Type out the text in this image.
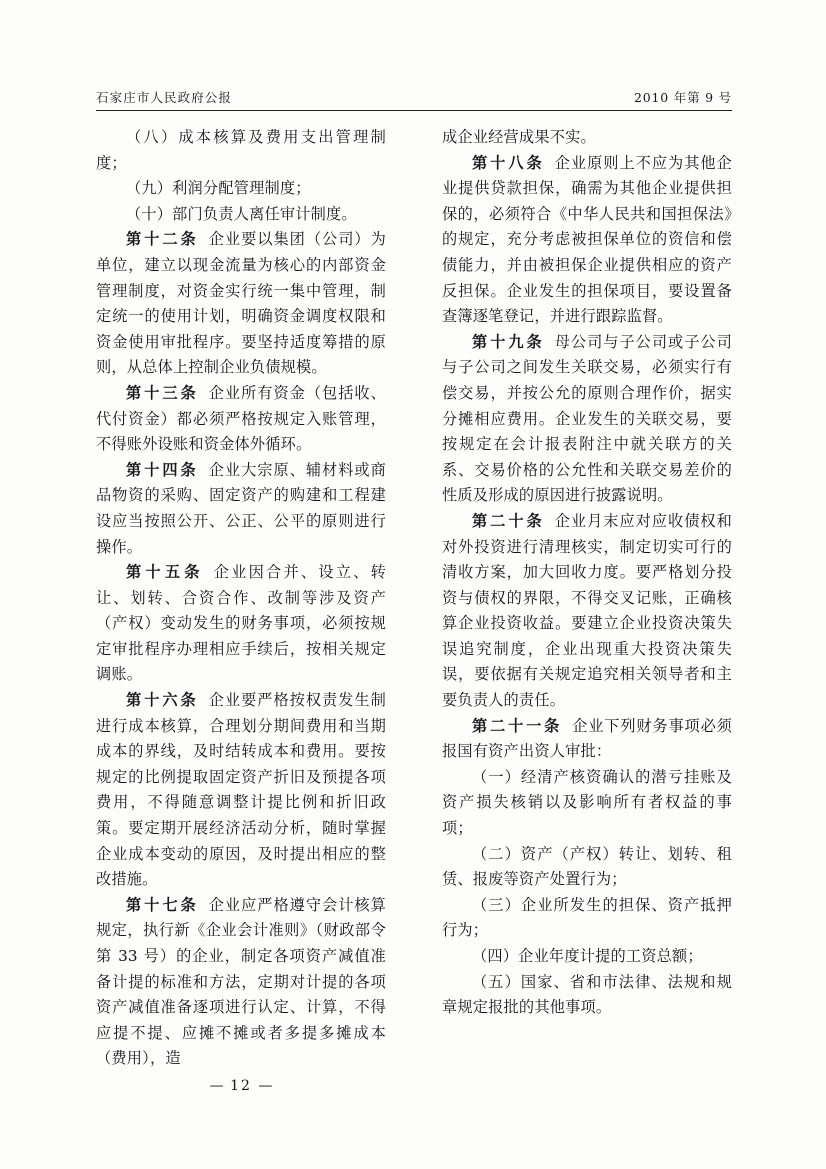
石家庄市人民政府公报	2010 年第 9 号

（八）成本核算及费用支出管理制度；

（九）利润分配管理制度；

（十）部门负责人离任审计制度。

第十二条 企业要以集团（公司）为单位，建立以现金流量为核心的内部资金管理制度，对资金实行统一集中管理，制定统一的使用计划，明确资金调度权限和资金使用审批程序。要坚持适度筹措的原则，从总体上控制企业负债规模。

第十三条 企业所有资金（包括收、代付资金）都必须严格按规定入账管理，不得账外设账和资金体外循环。

第十四条 企业大宗原、辅材料或商品物资的采购、固定资产的购建和工程建设应当按照公开、公正、公平的原则进行操作。

第十五条 企业因合并、设立、转让、划转、合资合作、改制等涉及资产（产权）变动发生的财务事项，必须按规定审批程序办理相应手续后，按相关规定调账。

第十六条 企业要严格按权责发生制进行成本核算，合理划分期间费用和当期成本的界线，及时结转成本和费用。要按规定的比例提取固定资产折旧及预提各项费用，不得随意调整计提比例和折旧政策。要定期开展经济活动分析，随时掌握企业成本变动的原因，及时提出相应的整改措施。

第十七条 企业应严格遵守会计核算规定，执行新《企业会计准则》（财政部令第 33 号）的企业，制定各项资产减值准备计提的标准和方法，定期对计提的各项资产减值准备逐项进行认定、计算，不得应提不提、应摊不摊或者多提多摊成本（费用），造

成企业经营成果不实。

第十八条 企业原则上不应为其他企业提供贷款担保，确需为其他企业提供担保的，必须符合《中华人民共和国担保法》的规定，充分考虑被担保单位的资信和偿债能力，并由被担保企业提供相应的资产反担保。企业发生的担保项目，要设置备查簿逐笔登记，并进行跟踪监督。

第十九条 母公司与子公司或子公司与子公司之间发生关联交易，必须实行有偿交易，并按公允的原则合理作价，据实分摊相应费用。企业发生的关联交易，要按规定在会计报表附注中就关联方的关系、交易价格的公允性和关联交易差价的性质及形成的原因进行披露说明。

第二十条 企业月末应对应收债权和对外投资进行清理核实，制定切实可行的清收方案，加大回收力度。要严格划分投资与债权的界限，不得交叉记账，正确核算企业投资收益。要建立企业投资决策失误追究制度，企业出现重大投资决策失误，要依据有关规定追究相关领导者和主要负责人的责任。

第二十一条 企业下列财务事项必须报国有资产出资人审批：

（一）经清产核资确认的潜亏挂账及资产损失核销以及影响所有者权益的事项；

（二）资产（产权）转让、划转、租赁、报废等资产处置行为；

（三）企业所发生的担保、资产抵押行为；

（四）企业年度计提的工资总额；

（五）国家、省和市法律、法规和规章规定报批的其他事项。

— 12 —
